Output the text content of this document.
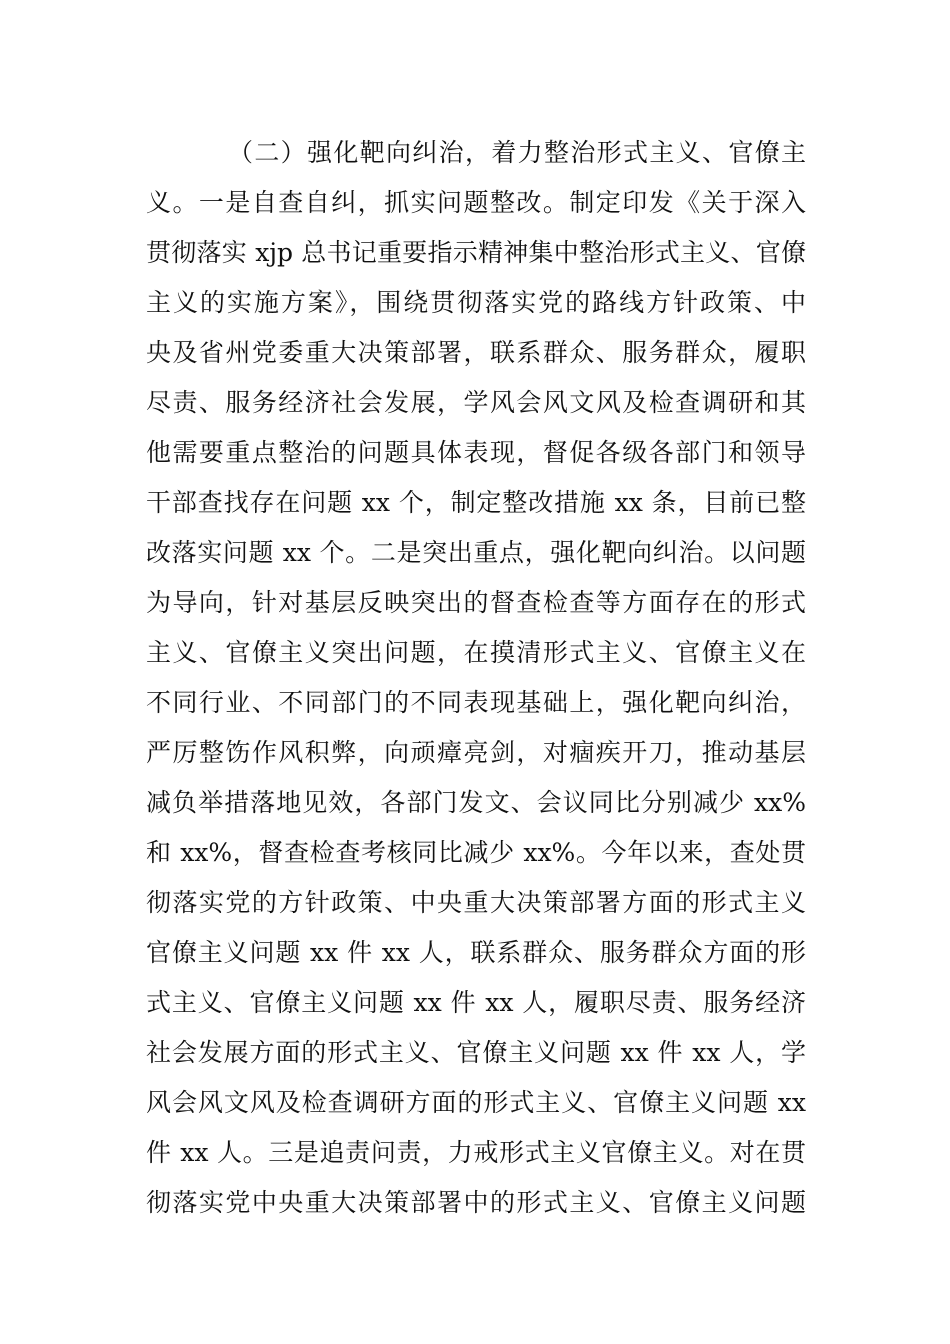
（二）强化靶向纠治，着力整治形式主义、官僚主
义。一是自查自纠，抓实问题整改。制定印发《关于深入
贯彻落实 xjp 总书记重要指示精神集中整治形式主义、官僚
主义的实施方案》，围绕贯彻落实党的路线方针政策、中
央及省州党委重大决策部署，联系群众、服务群众，履职
尽责、服务经济社会发展，学风会风文风及检查调研和其
他需要重点整治的问题具体表现，督促各级各部门和领导
干部查找存在问题 xx 个，制定整改措施 xx 条，目前已整
改落实问题 xx 个。二是突出重点，强化靶向纠治。以问题
为导向，针对基层反映突出的督查检查等方面存在的形式
主义、官僚主义突出问题，在摸清形式主义、官僚主义在
不同行业、不同部门的不同表现基础上，强化靶向纠治，
严厉整饬作风积弊，向顽瘴亮剑，对痼疾开刀，推动基层
减负举措落地见效，各部门发文、会议同比分别减少 xx%
和 xx%，督查检查考核同比减少 xx%。今年以来，查处贯
彻落实党的方针政策、中央重大决策部署方面的形式主义
官僚主义问题 xx 件 xx 人，联系群众、服务群众方面的形
式主义、官僚主义问题 xx 件 xx 人，履职尽责、服务经济
社会发展方面的形式主义、官僚主义问题 xx 件 xx 人，学
风会风文风及检查调研方面的形式主义、官僚主义问题 xx
件 xx 人。三是追责问责，力戒形式主义官僚主义。对在贯
彻落实党中央重大决策部署中的形式主义、官僚主义问题
